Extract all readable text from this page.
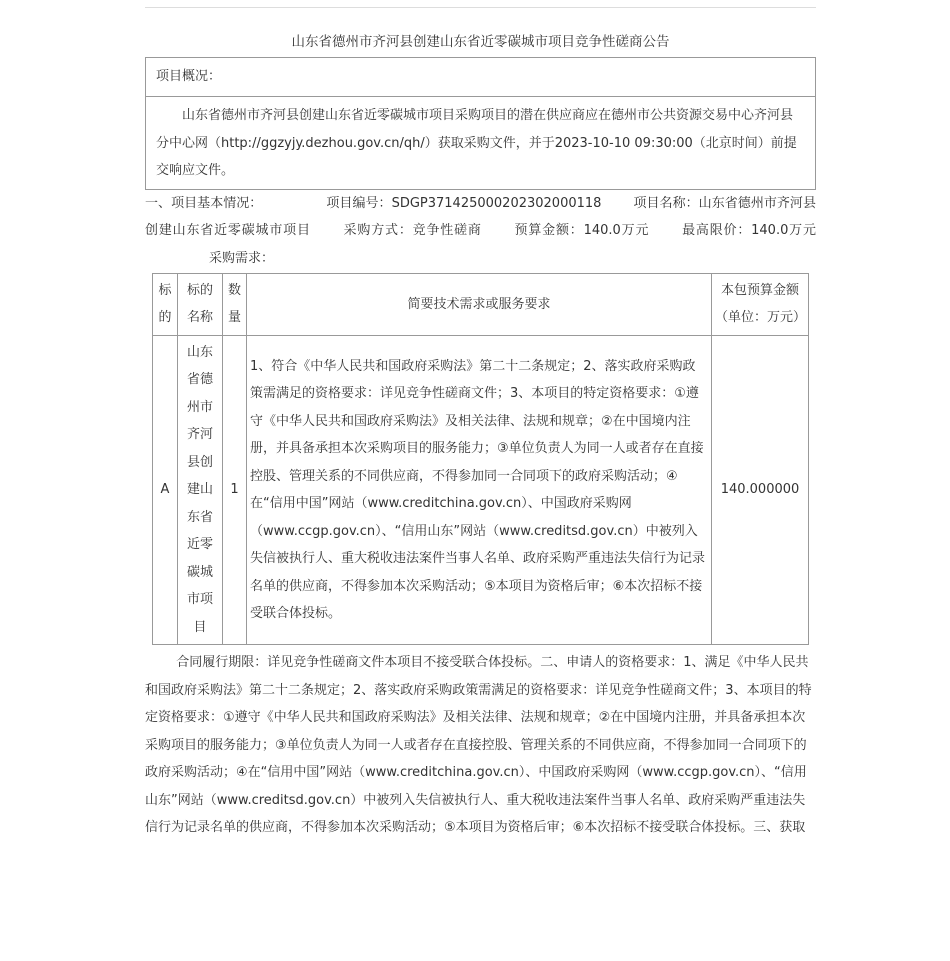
山东省德州市齐河县创建山东省近零碳城市项目竞争性磋商公告
项目概况：
山东省德州市齐河县创建山东省近零碳城市项目采购项目的潜在供应商应在德州市公共资源交易中心齐河县分中心网（http://ggzyjy.dezhou.gov.cn/qh/）获取采购文件，并于2023-10-10 09:30:00（北京时间）前提交响应文件。
一、项目基本情况：	项目编号：SDGP371425000202302000118 项目名称：山东省德州市齐河县创建山东省近零碳城市项目 采购方式：竞争性磋商 预算金额：140.0万元 最高限价：140.0万元采购需求：
标的	标的名称	数量	简要技术需求或服务要求	本包预算金额（单位：万元）
A	山东省德州市齐河县创建山东省近零碳城市项目	1	1、符合《中华人民共和国政府采购法》第二十二条规定；2、落实政府采购政策需满足的资格要求：详见竞争性磋商文件；3、本项目的特定资格要求：①遵守《中华人民共和国政府采购法》及相关法律、法规和规章；②在中国境内注册，并具备承担本次采购项目的服务能力；③单位负责人为同一人或者存在直接控股、管理关系的不同供应商，不得参加同一合同项下的政府采购活动；④在“信用中国”网站（www.creditchina.gov.cn）、中国政府采购网（www.ccgp.gov.cn）、“信用山东”网站（www.creditsd.gov.cn）中被列入失信被执行人、重大税收违法案件当事人名单、政府采购严重违法失信行为记录名单的供应商，不得参加本次采购活动；⑤本项目为资格后审；⑥本次招标不接受联合体投标。	140.000000
合同履行期限：详见竞争性磋商文件本项目不接受联合体投标。二、申请人的资格要求：1、满足《中华人民共和国政府采购法》第二十二条规定；2、落实政府采购政策需满足的资格要求：详见竞争性磋商文件；3、本项目的特定资格要求：①遵守《中华人民共和国政府采购法》及相关法律、法规和规章；②在中国境内注册，并具备承担本次采购项目的服务能力；③单位负责人为同一人或者存在直接控股、管理关系的不同供应商，不得参加同一合同项下的政府采购活动；④在“信用中国”网站（www.creditchina.gov.cn）、中国政府采购网（www.ccgp.gov.cn）、“信用山东”网站（www.creditsd.gov.cn）中被列入失信被执行人、重大税收违法案件当事人名单、政府采购严重违法失信行为记录名单的供应商，不得参加本次采购活动；⑤本项目为资格后审；⑥本次招标不接受联合体投标。三、获取
